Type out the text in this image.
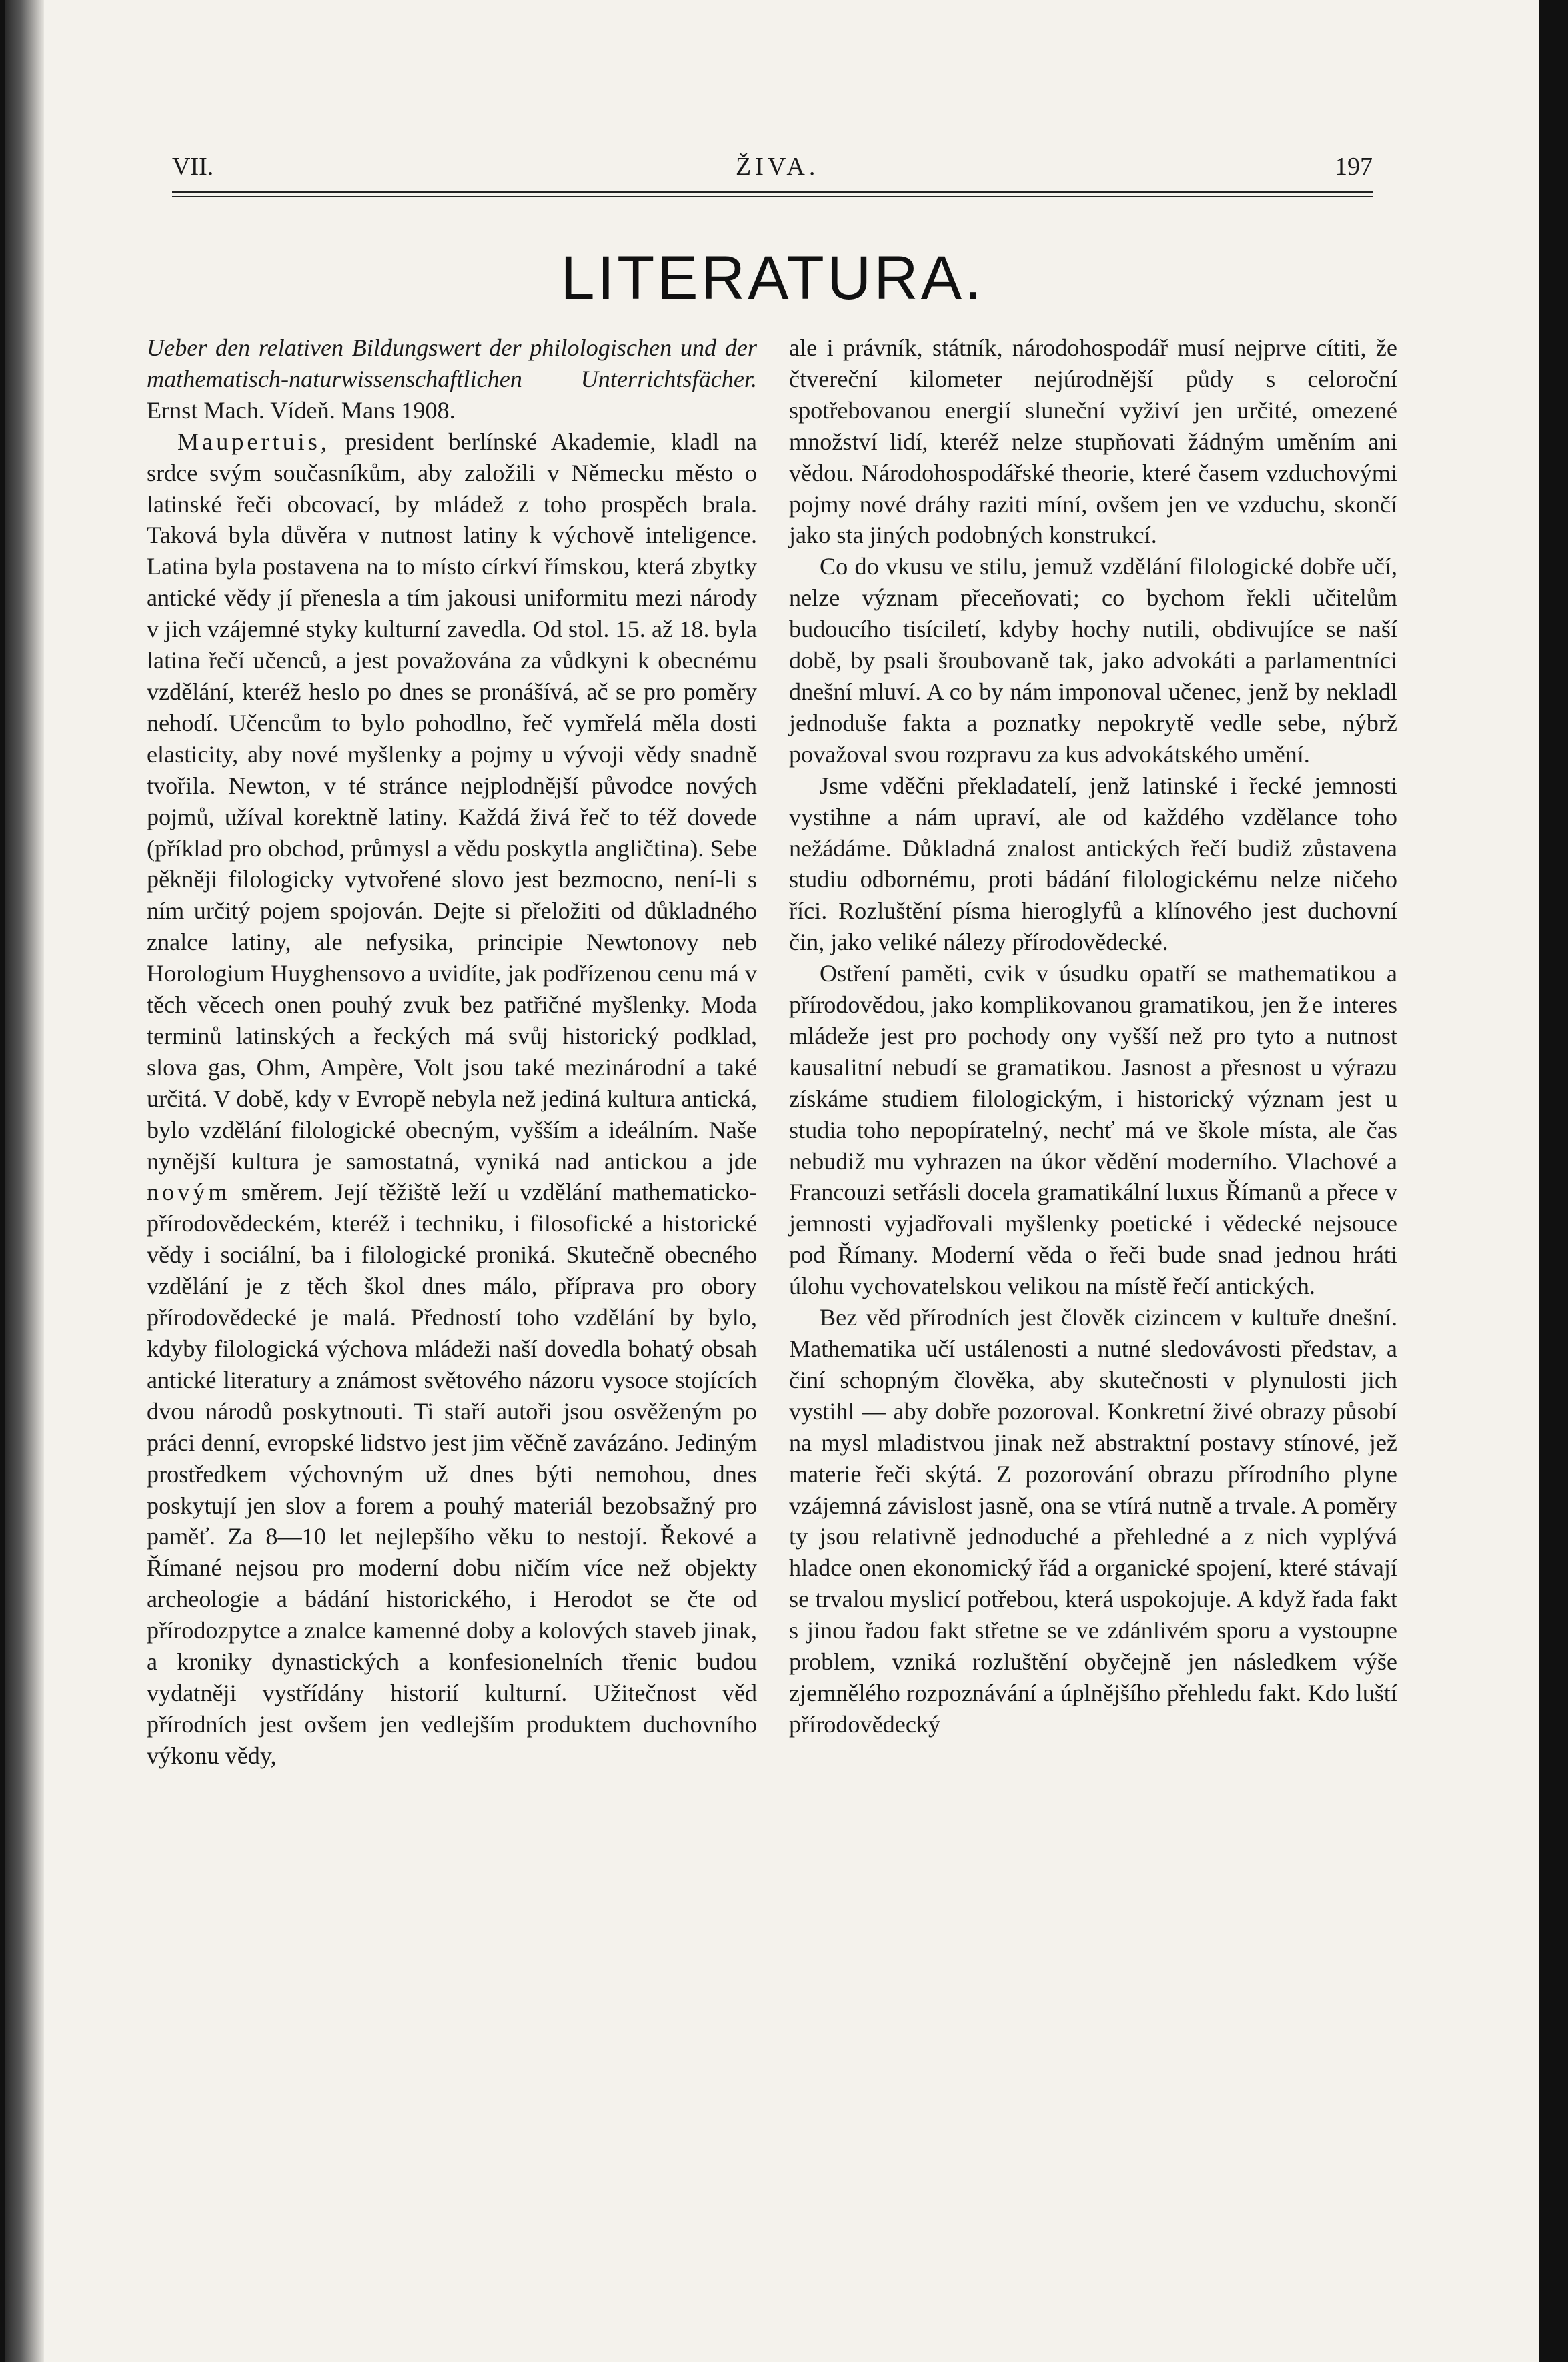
VII.	ŽIVA.	197
LITERATURA.

Ueber den relativen Bildungswert der philologischen und der mathematisch-naturwissenschaftlichen Unterrichtsfächer. Ernst Mach. Vídeň. Mans 1908.

Maupertuis, president berlínské Akademie, kladl na srdce svým současníkům, aby založili v Německu město o latinské řeči obcovací, by mládež z toho prospěch brala. Taková byla důvěra v nutnost latiny k výchově inteligence. Latina byla postavena na to místo církví římskou, která zbytky antické vědy jí přenesla a tím jakousi uniformitu mezi národy v jich vzájemné styky kulturní zavedla. Od stol. 15. až 18. byla latina řečí učenců, a jest považována za vůdkyni k obecnému vzdělání, kteréž heslo po dnes se pronášívá, ač se pro poměry nehodí. Učencům to bylo pohodlno, řeč vymřelá měla dosti elasticity, aby nové myšlenky a pojmy u vývoji vědy snadně tvořila. Newton, v té stránce nejplodnější původce nových pojmů, užíval korektně latiny. Každá živá řeč to též dovede (příklad pro obchod, průmysl a vědu poskytla angličtina). Sebe pěkněji filologicky vytvořené slovo jest bezmocno, není-li s ním určitý pojem spojován. Dejte si přeložiti od důkladného znalce latiny, ale nefysika, principie Newtonovy neb Horologium Huyghensovo a uvidíte, jak podřízenou cenu má v těch věcech onen pouhý zvuk bez patřičné myšlenky. Moda terminů latinských a řeckých má svůj historický podklad, slova gas, Ohm, Ampère, Volt jsou také mezinárodní a také určitá. V době, kdy v Evropě nebyla než jediná kultura antická, bylo vzdělání filologické obecným, vyšším a ideálním. Naše nynější kultura je samostatná, vyniká nad antickou a jde novým směrem. Její těžiště leží u vzdělání mathematicko-přírodovědeckém, kteréž i techniku, i filosofické a historické vědy i sociální, ba i filologické proniká. Skutečně obecného vzdělání je z těch škol dnes málo, příprava pro obory přírodovědecké je malá. Předností toho vzdělání by bylo, kdyby filologická výchova mládeži naší dovedla bohatý obsah antické literatury a známost světového názoru vysoce stojících dvou národů poskytnouti. Ti staří autoři jsou osvěženým po práci denní, evropské lidstvo jest jim věčně zavázáno. Jediným prostředkem výchovným už dnes býti nemohou, dnes poskytují jen slov a forem a pouhý materiál bezobsažný pro paměť. Za 8—10 let nejlepšího věku to nestojí. Řekové a Římané nejsou pro moderní dobu ničím více než objekty archeologie a bádání historického, i Herodot se čte od přírodozpytce a znalce kamenné doby a kolových staveb jinak, a kroniky dynastických a konfesionelních třenic budou vydatněji vystřídány historií kulturní. Užitečnost věd přírodních jest ovšem jen vedlejším produktem duchovního výkonu vědy,

ale i právník, státník, národohospodář musí nejprve cítiti, že čtvereční kilometer nejúrodnější půdy s celoroční spotřebovanou energií sluneční vyživí jen určité, omezené množství lidí, kteréž nelze stupňovati žádným uměním ani vědou. Národohospodářské theorie, které časem vzduchovými pojmy nové dráhy raziti míní, ovšem jen ve vzduchu, skončí jako sta jiných podobných konstrukcí.

Co do vkusu ve stilu, jemuž vzdělání filologické dobře učí, nelze význam přeceňovati; co bychom řekli učitelům budoucího tisíciletí, kdyby hochy nutili, obdivujíce se naší době, by psali šroubovaně tak, jako advokáti a parlamentníci dnešní mluví. A co by nám imponoval učenec, jenž by nekladl jednoduše fakta a poznatky nepokrytě vedle sebe, nýbrž považoval svou rozpravu za kus advokátského umění.

Jsme vděčni překladatelí, jenž latinské i řecké jemnosti vystihne a nám upraví, ale od každého vzdělance toho nežádáme. Důkladná znalost antických řečí budiž zůstavena studiu odbornému, proti bádání filologickému nelze ničeho říci. Rozluštění písma hieroglyfů a klínového jest duchovní čin, jako veliké nálezy přírodovědecké.

Ostření paměti, cvik v úsudku opatří se mathematikou a přírodovědou, jako komplikovanou gramatikou, jen že interes mládeže jest pro pochody ony vyšší než pro tyto a nutnost kausalitní nebudí se gramatikou. Jasnost a přesnost u výrazu získáme studiem filologickým, i historický význam jest u studia toho nepopíratelný, nechť má ve škole místa, ale čas nebudiž mu vyhrazen na úkor vědění moderního. Vlachové a Francouzi setřásli docela gramatikální luxus Římanů a přece v jemnosti vyjadřovali myšlenky poetické i vědecké nejsouce pod Římany. Moderní věda o řeči bude snad jednou hráti úlohu vychovatelskou velikou na místě řečí antických.

Bez věd přírodních jest člověk cizincem v kultuře dnešní. Mathematika učí ustálenosti a nutné sledovávosti představ, a činí schopným člověka, aby skutečnosti v plynulosti jich vystihl — aby dobře pozoroval. Konkretní živé obrazy působí na mysl mladistvou jinak než abstraktní postavy stínové, jež materie řeči skýtá. Z pozorování obrazu přírodního plyne vzájemná závislost jasně, ona se vtírá nutně a trvale. A poměry ty jsou relativně jednoduché a přehledné a z nich vyplývá hladce onen ekonomický řád a organické spojení, které stávají se trvalou myslicí potřebou, která uspokojuje. A když řada fakt s jinou řadou fakt střetne se ve zdánlivém sporu a vystoupne problem, vzniká rozluštění obyčejně jen následkem výše zjemnělého rozpoznávání a úplnějšího přehledu fakt. Kdo luští přírodovědecký
